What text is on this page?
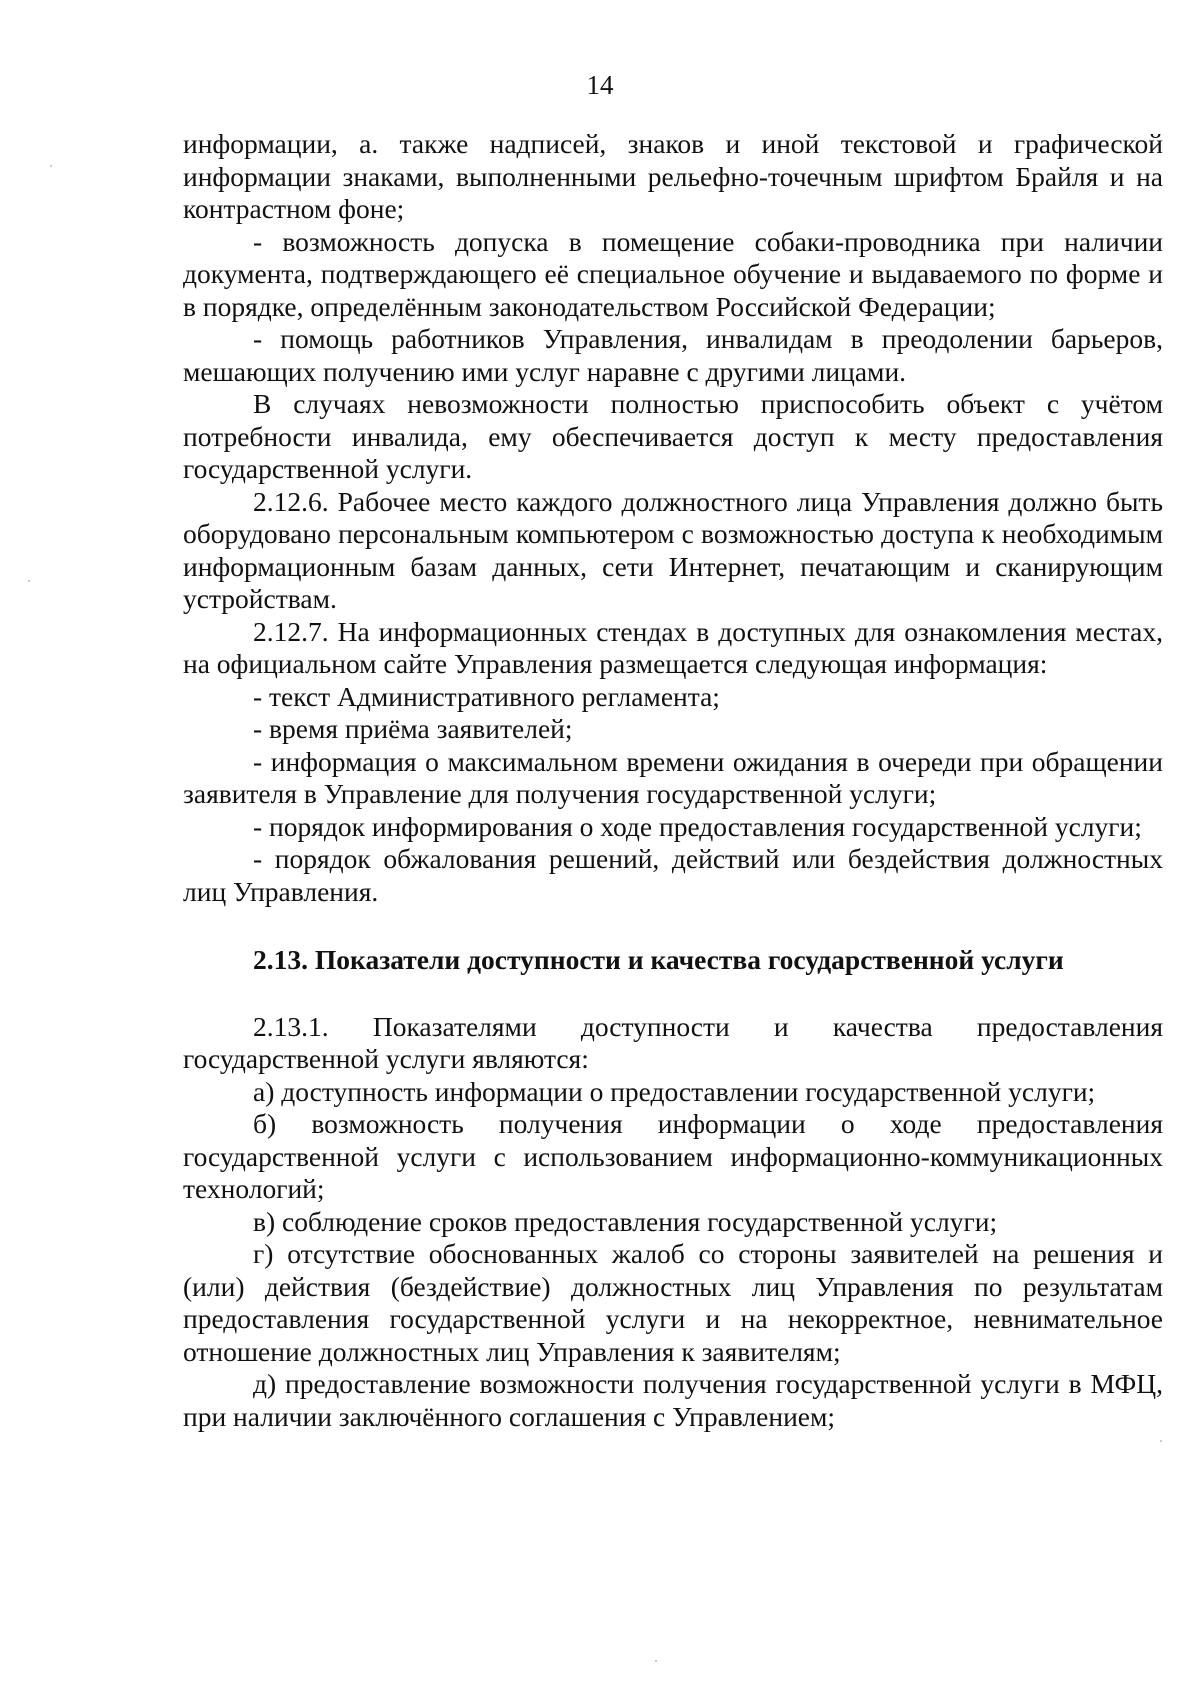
14

информации, а. также надписей, знаков и иной текстовой и графической информации знаками, выполненными рельефно-точечным шрифтом Брайля и на контрастном фоне;

- возможность допуска в помещение собаки-проводника при наличии документа, подтверждающего её специальное обучение и выдаваемого по форме и в порядке, определённым законодательством Российской Федерации;

- помощь работников Управления, инвалидам в преодолении барьеров, мешающих получению ими услуг наравне с другими лицами.

В случаях невозможности полностью приспособить объект с учётом потребности инвалида, ему обеспечивается доступ к месту предоставления государственной услуги.

2.12.6. Рабочее место каждого должностного лица Управления должно быть оборудовано персональным компьютером с возможностью доступа к необходимым информационным базам данных, сети Интернет, печатающим и сканирующим устройствам.

2.12.7. На информационных стендах в доступных для ознакомления местах, на официальном сайте Управления размещается следующая информация:

- текст Административного регламента;

- время приёма заявителей;

- информация о максимальном времени ожидания в очереди при обращении заявителя в Управление для получения государственной услуги;

- порядок информирования о ходе предоставления государственной услуги;

- порядок обжалования решений, действий или бездействия должностных лиц Управления.

2.13. Показатели доступности и качества государственной услуги

2.13.1. Показателями доступности и качества предоставления государственной услуги являются:

а) доступность информации о предоставлении государственной услуги;

б) возможность получения информации о ходе предоставления государственной услуги с использованием информационно-коммуникационных технологий;

в) соблюдение сроков предоставления государственной услуги;

г) отсутствие обоснованных жалоб со стороны заявителей на решения и (или) действия (бездействие) должностных лиц Управления по результатам предоставления государственной услуги и на некорректное, невнимательное отношение должностных лиц Управления к заявителям;

д) предоставление возможности получения государственной услуги в МФЦ, при наличии заключённого соглашения с Управлением;
